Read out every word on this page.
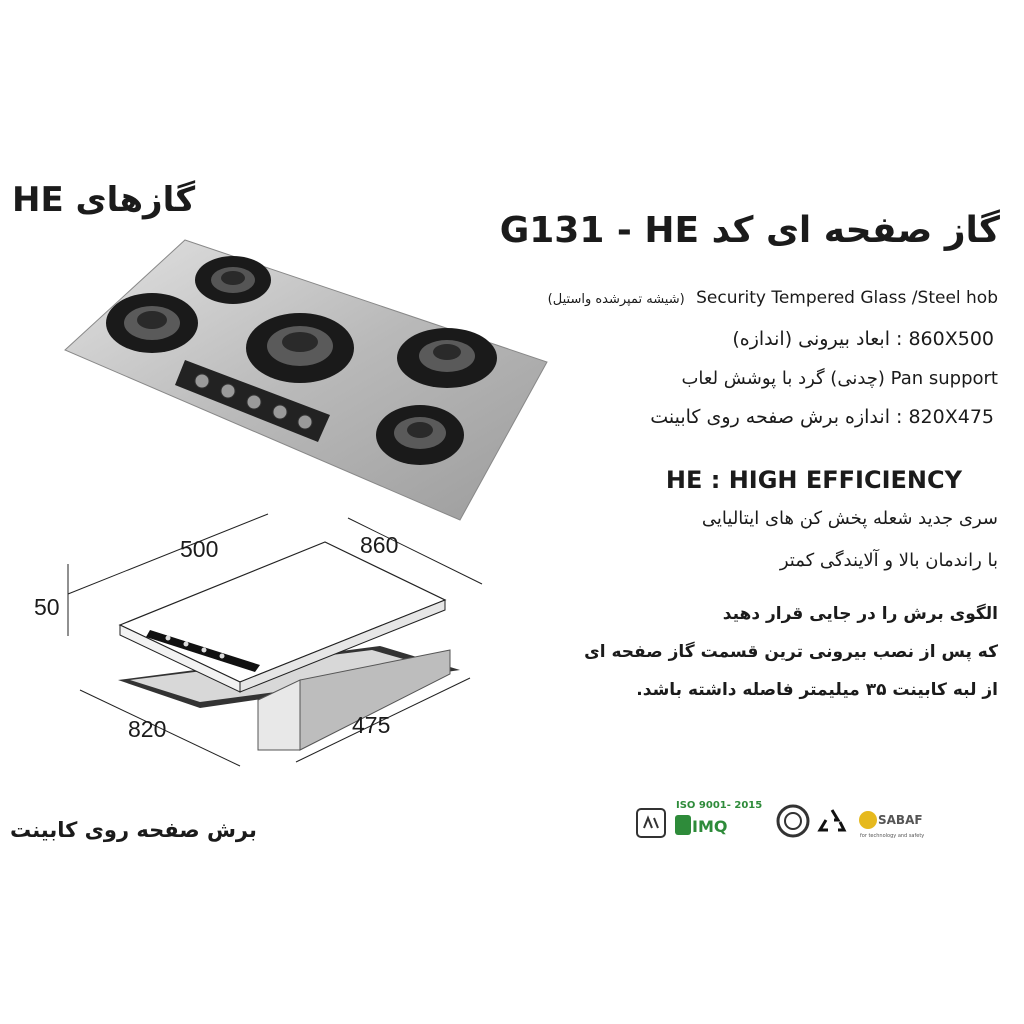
گازهای HE
گاز صفحه ای کد G131 - HE
(شیشه تمپرشده واستیل) Security Tempered Glass /Steel hob
860X500 : ابعاد بیرونی (اندازه)
Pan support (چدنی) گرد با پوشش لعاب
820X475 : اندازه برش صفحه روی کابینت
HE : HIGH EFFICIENCY
سری جدید شعله پخش کن های ایتالیایی
با راندمان بالا و آلایندگی کمتر
الگوی برش را در جایی قرار دهید
که پس از نصب بیرونی ترین قسمت گاز صفحه ای
از لبه کابینت ۳۵ میلیمتر فاصله داشته باشد.
500	860
50
820	475
برش صفحه روی کابینت
ISO 9001- 2015
IMQ	SABAF
for technology and safety
